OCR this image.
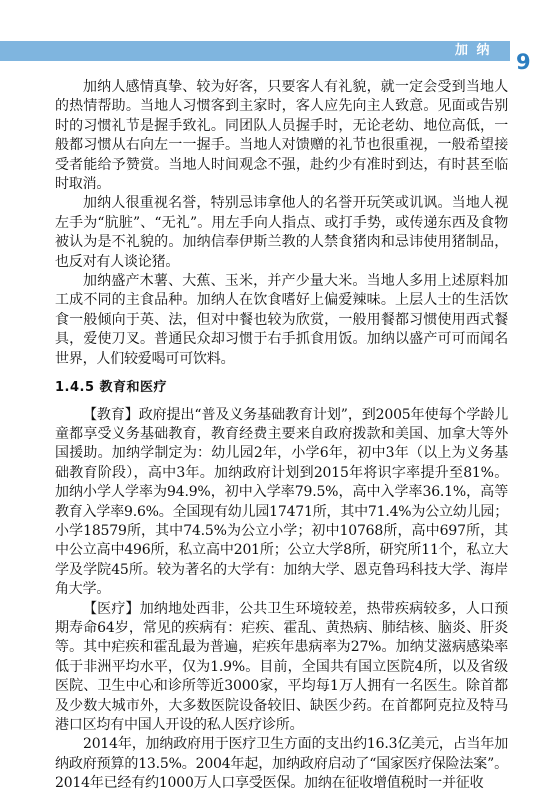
加 纳	9

加纳人感情真挚、较为好客，只要客人有礼貌，就一定会受到当地人的热情帮助。当地人习惯客到主家时，客人应先向主人致意。见面或告别时的习惯礼节是握手致礼。同团队人员握手时，无论老幼、地位高低，一般都习惯从右向左一一握手。当地人对馈赠的礼节也很重视，一般希望接受者能给予赞赏。当地人时间观念不强，赴约少有准时到达，有时甚至临时取消。

加纳人很重视名誉，特别忌讳拿他人的名誉开玩笑或讥讽。当地人视左手为“肮脏”、“无礼”。用左手向人指点、或打手势，或传递东西及食物被认为是不礼貌的。加纳信奉伊斯兰教的人禁食猪肉和忌讳使用猪制品，也反对有人谈论猪。

加纳盛产木薯、大蕉、玉米，并产少量大米。当地人多用上述原料加工成不同的主食品种。加纳人在饮食嗜好上偏爱辣味。上层人士的生活饮食一般倾向于英、法，但对中餐也较为欣赏，一般用餐都习惯使用西式餐具，爱使刀叉。普通民众却习惯于右手抓食用饭。加纳以盛产可可而闻名世界，人们较爱喝可可饮料。

1.4.5 教育和医疗

【教育】政府提出“普及义务基础教育计划”，到2005年使每个学龄儿童都享受义务基础教育，教育经费主要来自政府拨款和美国、加拿大等外国援助。加纳学制定为：幼儿园2年，小学6年，初中3年（以上为义务基础教育阶段），高中3年。加纳政府计划到2015年将识字率提升至81%。加纳小学人学率为94.9%，初中入学率79.5%，高中入学率36.1%，高等教育入学率9.6%。全国现有幼儿园17471所，其中71.4%为公立幼儿园；小学18579所，其中74.5%为公立小学；初中10768所，高中697所，其中公立高中496所，私立高中201所；公立大学8所，研究所11个，私立大学及学院45所。较为著名的大学有：加纳大学、恩克鲁玛科技大学、海岸角大学。

【医疗】加纳地处西非，公共卫生环境较差，热带疾病较多，人口预期寿命64岁，常见的疾病有：疟疾、霍乱、黄热病、肺结核、脑炎、肝炎等。其中疟疾和霍乱最为普遍，疟疾年患病率为27%。加纳艾滋病感染率低于非洲平均水平，仅为1.9%。目前，全国共有国立医院4所，以及省级医院、卫生中心和诊所等近3000家，平均每1万人拥有一名医生。除首都及少数大城市外，大多数医院设备较旧、缺医少药。在首都阿克拉及特马港口区均有中国人开设的私人医疗诊所。

2014年，加纳政府用于医疗卫生方面的支出约16.3亿美元，占当年加纳政府预算的13.5%。2004年起，加纳政府启动了“国家医疗保险法案”。2014年已经有约1000万人口享受医保。加纳在征收增值税时一并征收
